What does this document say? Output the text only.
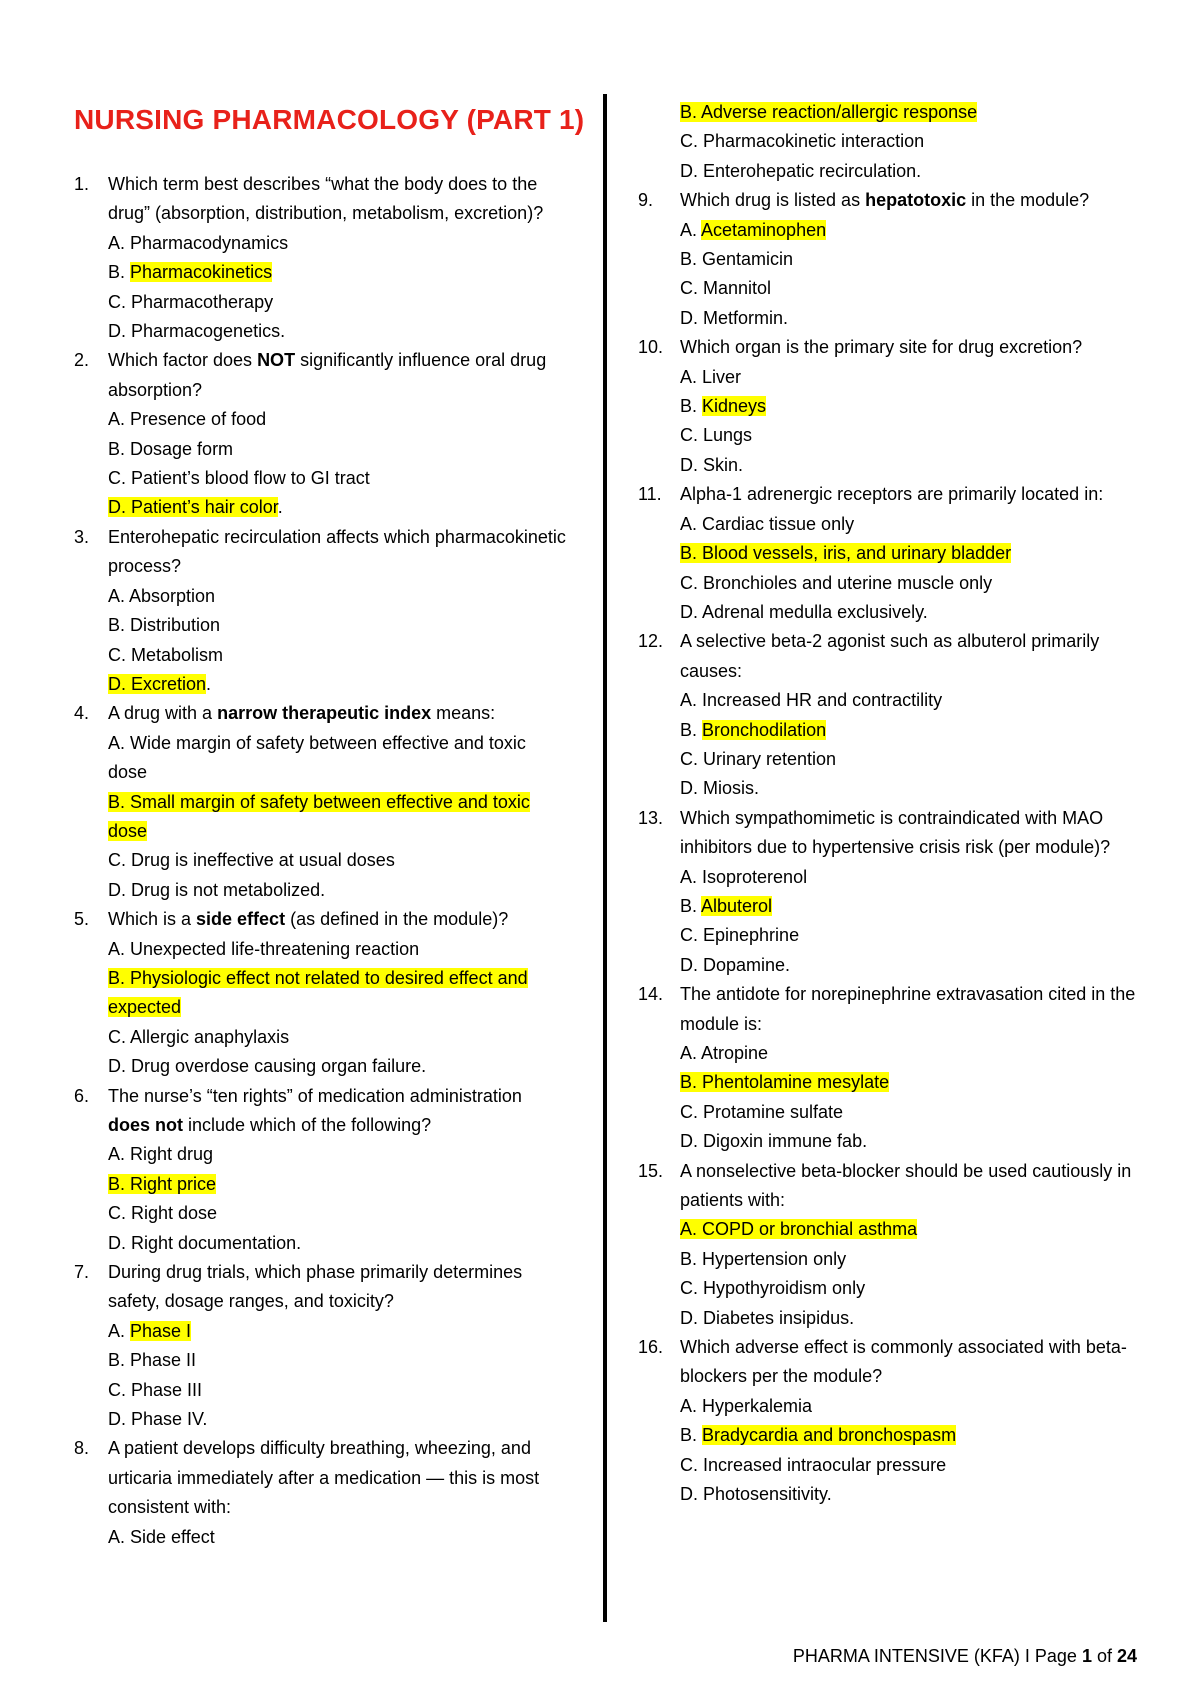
NURSING PHARMACOLOGY (PART 1)
1. Which term best describes “what the body does to the drug” (absorption, distribution, metabolism, excretion)?
A. Pharmacodynamics
B. Pharmacokinetics
C. Pharmacotherapy
D. Pharmacogenetics.
2. Which factor does NOT significantly influence oral drug absorption?
A. Presence of food
B. Dosage form
C. Patient’s blood flow to GI tract
D. Patient’s hair color.
3. Enterohepatic recirculation affects which pharmacokinetic process?
A. Absorption
B. Distribution
C. Metabolism
D. Excretion.
4. A drug with a narrow therapeutic index means:
A. Wide margin of safety between effective and toxic dose
B. Small margin of safety between effective and toxic dose
C. Drug is ineffective at usual doses
D. Drug is not metabolized.
5. Which is a side effect (as defined in the module)?
A. Unexpected life-threatening reaction
B. Physiologic effect not related to desired effect and expected
C. Allergic anaphylaxis
D. Drug overdose causing organ failure.
6. The nurse’s “ten rights” of medication administration does not include which of the following?
A. Right drug
B. Right price
C. Right dose
D. Right documentation.
7. During drug trials, which phase primarily determines safety, dosage ranges, and toxicity?
A. Phase I
B. Phase II
C. Phase III
D. Phase IV.
8. A patient develops difficulty breathing, wheezing, and urticaria immediately after a medication — this is most consistent with:
A. Side effect
B. Adverse reaction/allergic response
C. Pharmacokinetic interaction
D. Enterohepatic recirculation.
9. Which drug is listed as hepatotoxic in the module?
A. Acetaminophen
B. Gentamicin
C. Mannitol
D. Metformin.
10. Which organ is the primary site for drug excretion?
A. Liver
B. Kidneys
C. Lungs
D. Skin.
11. Alpha-1 adrenergic receptors are primarily located in:
A. Cardiac tissue only
B. Blood vessels, iris, and urinary bladder
C. Bronchioles and uterine muscle only
D. Adrenal medulla exclusively.
12. A selective beta-2 agonist such as albuterol primarily causes:
A. Increased HR and contractility
B. Bronchodilation
C. Urinary retention
D. Miosis.
13. Which sympathomimetic is contraindicated with MAO inhibitors due to hypertensive crisis risk (per module)?
A. Isoproterenol
B. Albuterol
C. Epinephrine
D. Dopamine.
14. The antidote for norepinephrine extravasation cited in the module is:
A. Atropine
B. Phentolamine mesylate
C. Protamine sulfate
D. Digoxin immune fab.
15. A nonselective beta-blocker should be used cautiously in patients with:
A. COPD or bronchial asthma
B. Hypertension only
C. Hypothyroidism only
D. Diabetes insipidus.
16. Which adverse effect is commonly associated with beta-blockers per the module?
A. Hyperkalemia
B. Bradycardia and bronchospasm
C. Increased intraocular pressure
D. Photosensitivity.
PHARMA INTENSIVE (KFA) I Page 1 of 24
